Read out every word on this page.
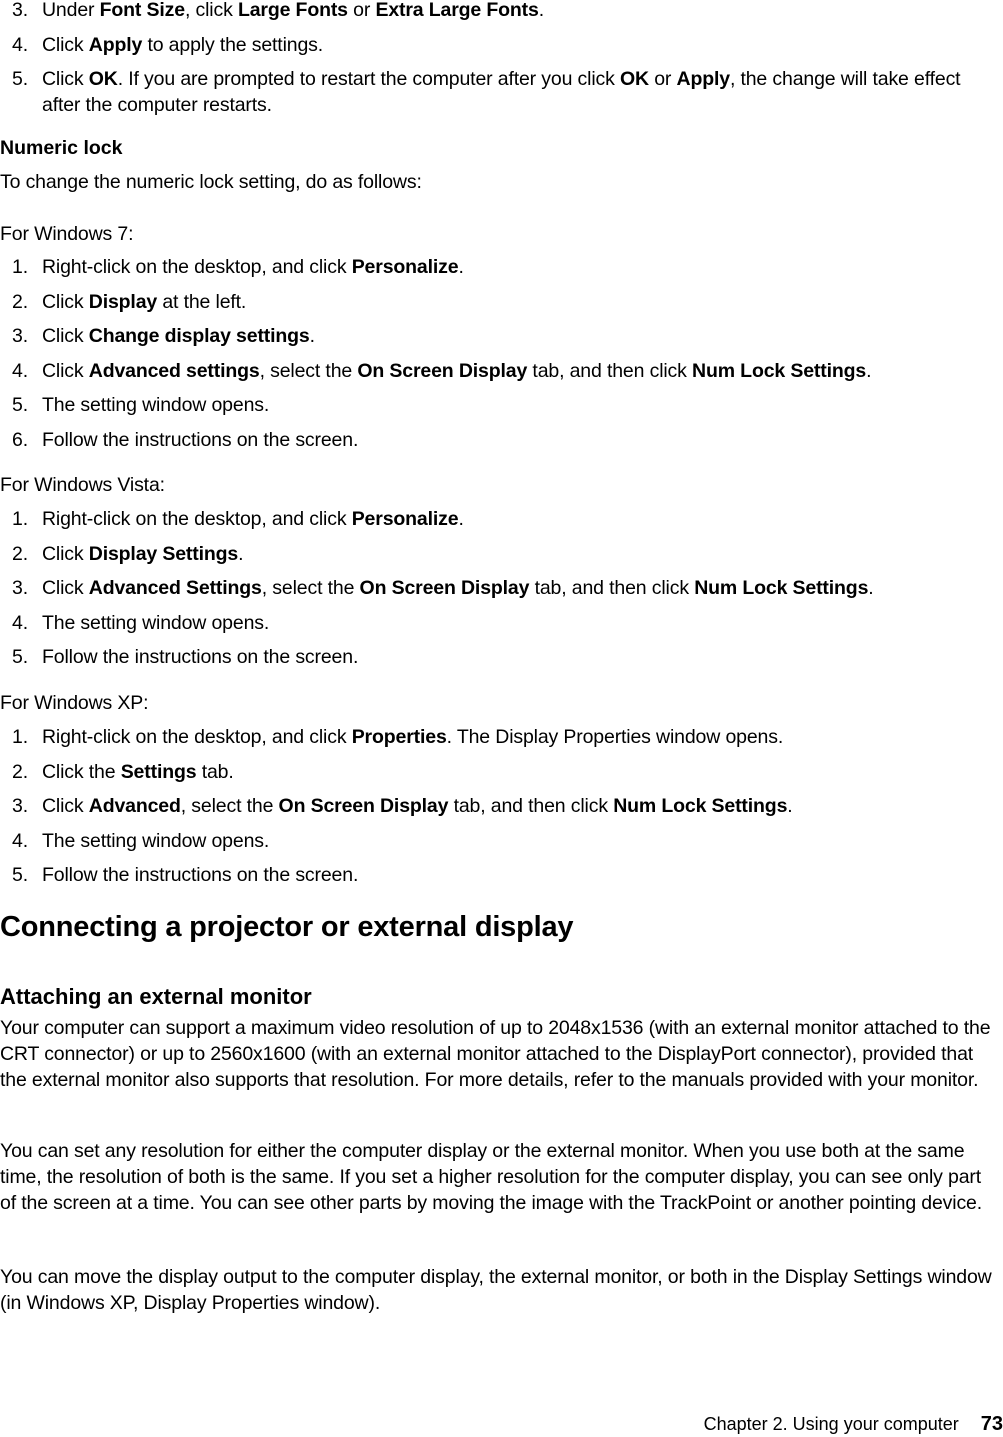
3. Under Font Size, click Large Fonts or Extra Large Fonts.
4. Click Apply to apply the settings.
5. Click OK. If you are prompted to restart the computer after you click OK or Apply, the change will take effect after the computer restarts.
Numeric lock
To change the numeric lock setting, do as follows:
For Windows 7:
1. Right-click on the desktop, and click Personalize.
2. Click Display at the left.
3. Click Change display settings.
4. Click Advanced settings, select the On Screen Display tab, and then click Num Lock Settings.
5. The setting window opens.
6. Follow the instructions on the screen.
For Windows Vista:
1. Right-click on the desktop, and click Personalize.
2. Click Display Settings.
3. Click Advanced Settings, select the On Screen Display tab, and then click Num Lock Settings.
4. The setting window opens.
5. Follow the instructions on the screen.
For Windows XP:
1. Right-click on the desktop, and click Properties. The Display Properties window opens.
2. Click the Settings tab.
3. Click Advanced, select the On Screen Display tab, and then click Num Lock Settings.
4. The setting window opens.
5. Follow the instructions on the screen.
Connecting a projector or external display
Attaching an external monitor
Your computer can support a maximum video resolution of up to 2048x1536 (with an external monitor attached to the CRT connector) or up to 2560x1600 (with an external monitor attached to the DisplayPort connector), provided that the external monitor also supports that resolution. For more details, refer to the manuals provided with your monitor.
You can set any resolution for either the computer display or the external monitor. When you use both at the same time, the resolution of both is the same. If you set a higher resolution for the computer display, you can see only part of the screen at a time. You can see other parts by moving the image with the TrackPoint or another pointing device.
You can move the display output to the computer display, the external monitor, or both in the Display Settings window (in Windows XP, Display Properties window).
Chapter 2. Using your computer 73
